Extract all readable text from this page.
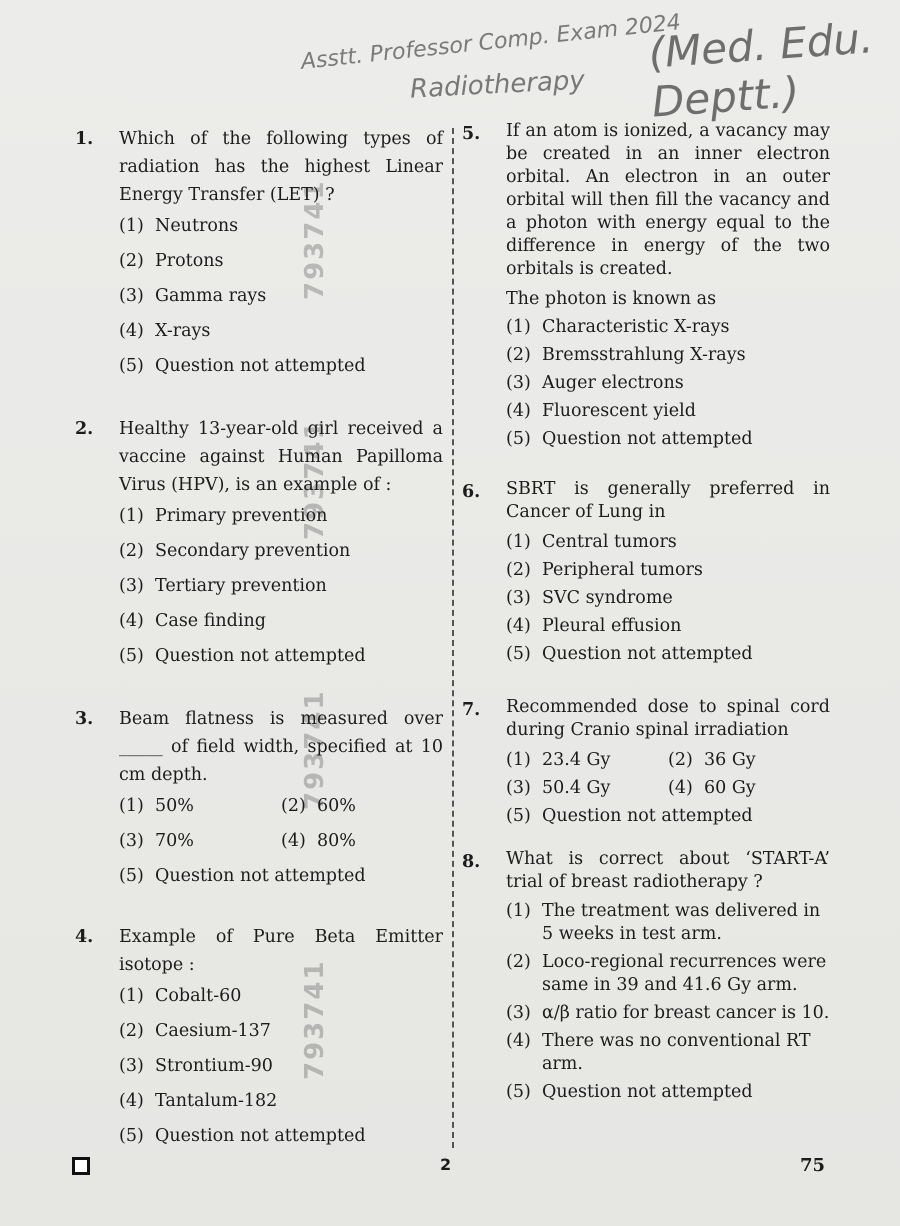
Asstt. Professor Comp. Exam 2024
(Med. Edu. Deptt.)
Radiotherapy
793741
793741
793741
793741
1.	Which of the following types of radiation has the highest Linear Energy Transfer (LET) ?
(1) Neutrons
(2) Protons
(3) Gamma rays
(4) X-rays
(5) Question not attempted
2.	Healthy 13-year-old girl received a vaccine against Human Papilloma Virus (HPV), is an example of :
(1) Primary prevention
(2) Secondary prevention
(3) Tertiary prevention
(4) Case finding
(5) Question not attempted
3.	Beam flatness is measured over _____ of field width, specified at 10 cm depth.
(1) 50%	(2) 60%
(3) 70%	(4) 80%
(5) Question not attempted
4.	Example of Pure Beta Emitter isotope :
(1) Cobalt-60
(2) Caesium-137
(3) Strontium-90
(4) Tantalum-182
(5) Question not attempted
5.	If an atom is ionized, a vacancy may be created in an inner electron orbital. An electron in an outer orbital will then fill the vacancy and a photon with energy equal to the difference in energy of the two orbitals is created.
The photon is known as
(1) Characteristic X-rays
(2) Bremsstrahlung X-rays
(3) Auger electrons
(4) Fluorescent yield
(5) Question not attempted
6.	SBRT is generally preferred in Cancer of Lung in
(1) Central tumors
(2) Peripheral tumors
(3) SVC syndrome
(4) Pleural effusion
(5) Question not attempted
7.	Recommended dose to spinal cord during Cranio spinal irradiation
(1) 23.4 Gy	(2) 36 Gy
(3) 50.4 Gy	(4) 60 Gy
(5) Question not attempted
8.	What is correct about ‘START-A’ trial of breast radiotherapy ?
(1) The treatment was delivered in 5 weeks in test arm.
(2) Loco-regional recurrences were same in 39 and 41.6 Gy arm.
(3) α/β ratio for breast cancer is 10.
(4) There was no conventional RT arm.
(5) Question not attempted
2	75
